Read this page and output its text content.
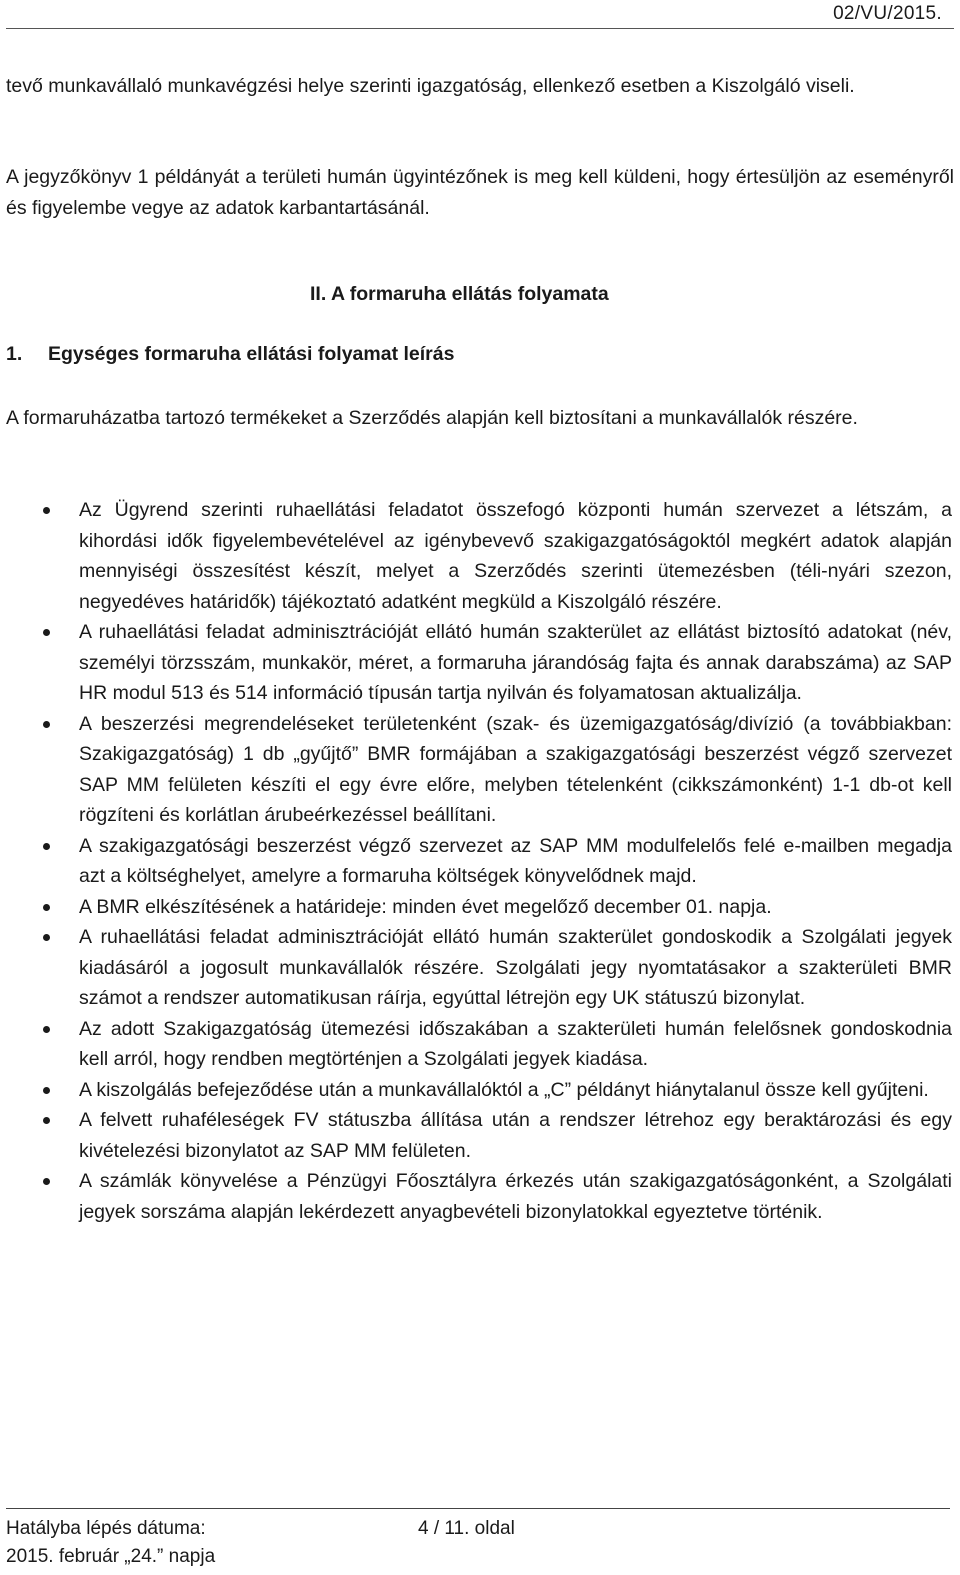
02/VU/2015.

tevő munkavállaló munkavégzési helye szerinti igazgatóság, ellenkező esetben a Kiszolgáló viseli.

A jegyzőkönyv 1 példányát a területi humán ügyintézőnek is meg kell küldeni, hogy értesüljön az eseményről és figyelembe vegye az adatok karbantartásánál.

II. A formaruha ellátás folyamata
1. Egységes formaruha ellátási folyamat leírás

A formaruházatba tartozó termékeket a Szerződés alapján kell biztosítani a munkavállalók részére.

Az Ügyrend szerinti ruhaellátási feladatot összefogó központi humán szervezet a létszám, a kihordási idők figyelembevételével az igénybevevő szakigazgatóságoktól megkért adatok alapján mennyiségi összesítést készít, melyet a Szerződés szerinti ütemezésben (téli-nyári szezon, negyedéves határidők) tájékoztató adatként megküld a Kiszolgáló részére.
A ruhaellátási feladat adminisztrációját ellátó humán szakterület az ellátást biztosító adatokat (név, személyi törzsszám, munkakör, méret, a formaruha járandóság fajta és annak darabszáma) az SAP HR modul 513 és 514 információ típusán tartja nyilván és folyamatosan aktualizálja.
A beszerzési megrendeléseket területenként (szak- és üzemigazgatóság/divízió (a továbbiakban: Szakigazgatóság) 1 db „gyűjtő” BMR formájában a szakigazgatósági beszerzést végző szervezet SAP MM felületen készíti el egy évre előre, melyben tételenként (cikkszámonként) 1-1 db-ot kell rögzíteni és korlátlan árubeérkezéssel beállítani.
A szakigazgatósági beszerzést végző szervezet az SAP MM modulfelelős felé e-mailben megadja azt a költséghelyet, amelyre a formaruha költségek könyvelődnek majd.
A BMR elkészítésének a határideje: minden évet megelőző december 01. napja.
A ruhaellátási feladat adminisztrációját ellátó humán szakterület gondoskodik a Szolgálati jegyek kiadásáról a jogosult munkavállalók részére. Szolgálati jegy nyomtatásakor a szakterületi BMR számot a rendszer automatikusan ráírja, egyúttal létrejön egy UK státuszú bizonylat.
Az adott Szakigazgatóság ütemezési időszakában a szakterületi humán felelősnek gondoskodnia kell arról, hogy rendben megtörténjen a Szolgálati jegyek kiadása.
A kiszolgálás befejeződése után a munkavállalóktól a „C” példányt hiánytalanul össze kell gyűjteni.
A felvett ruhaféleségek FV státuszba állítása után a rendszer létrehoz egy beraktározási és egy kivételezési bizonylatot az SAP MM felületen.
A számlák könyvelése a Pénzügyi Főosztályra érkezés után szakigazgatóságonként, a Szolgálati jegyek sorszáma alapján lekérdezett anyagbevételi bizonylatokkal egyeztetve történik.
Hatályba lépés dátuma:
2015. február „24.” napja
4 / 11. oldal
